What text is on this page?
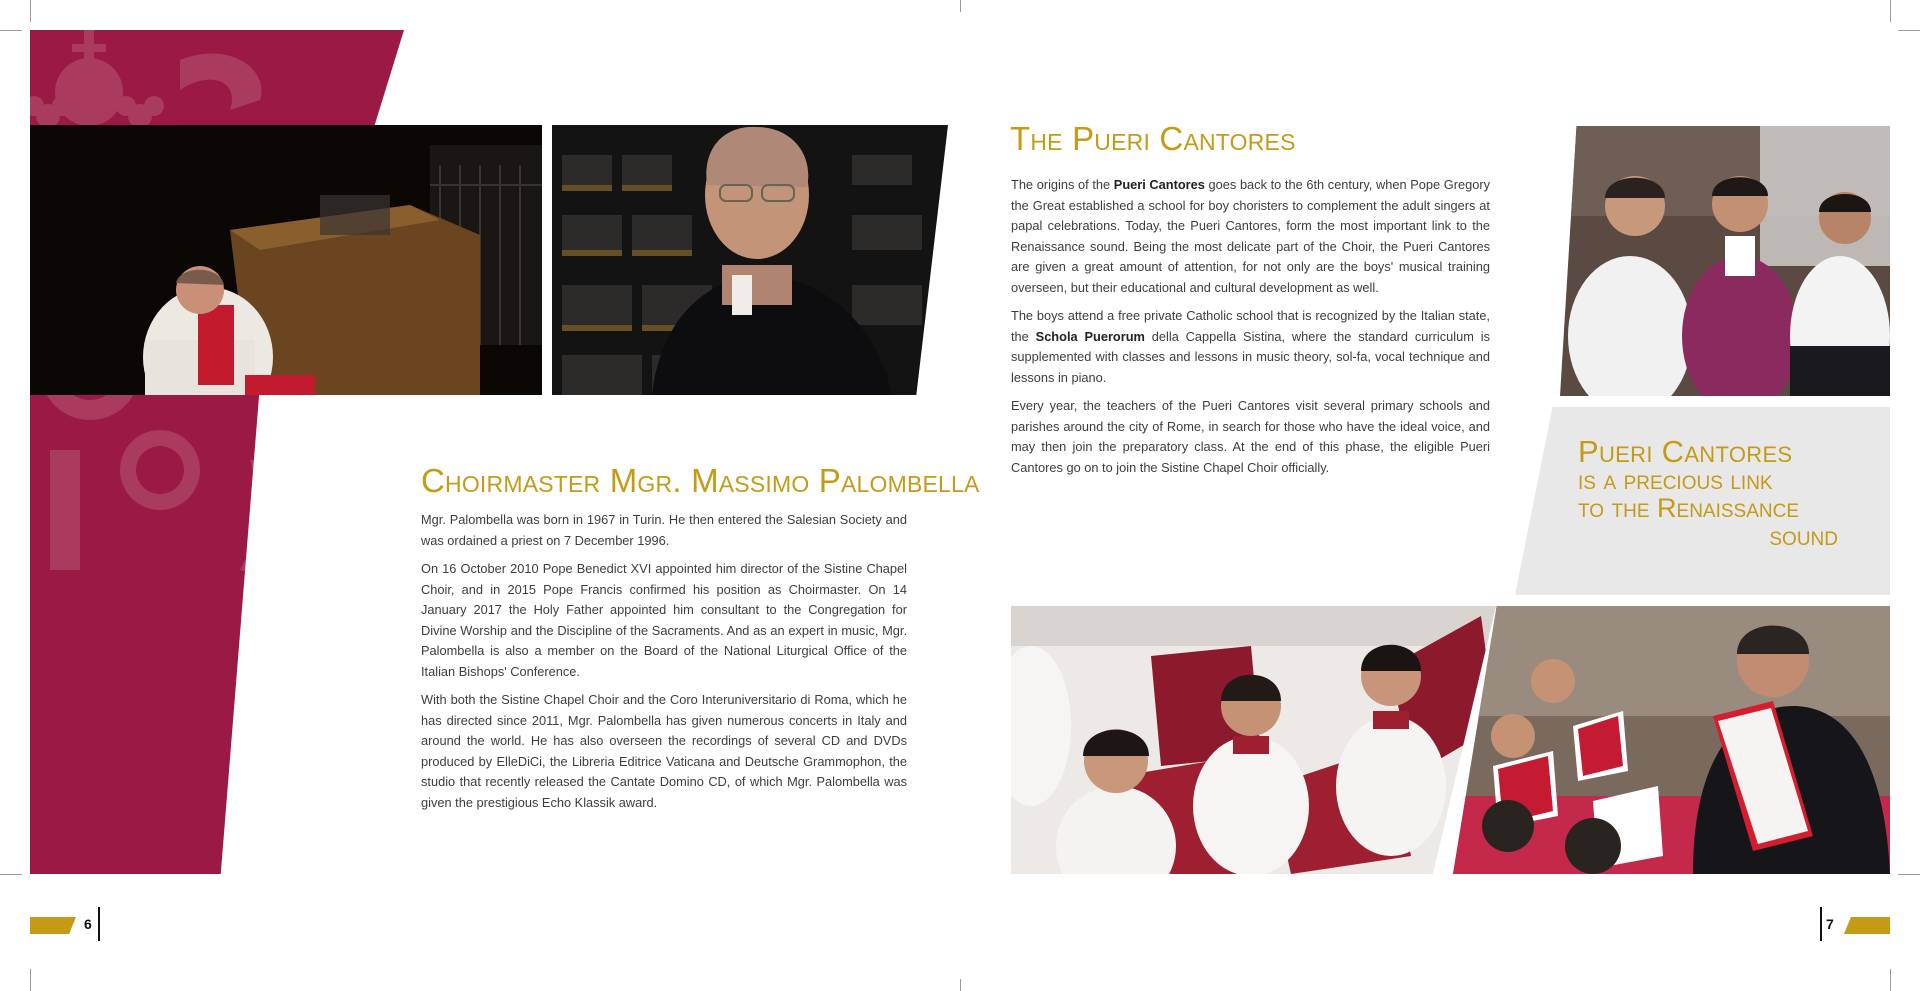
Choirmaster Mgr. Massimo Palombella

Mgr. Palombella was born in 1967 in Turin. He then entered the Salesian Society and was ordained a priest on 7 December 1996.

On 16 October 2010 Pope Benedict XVI appointed him director of the Sistine Chapel Choir, and in 2015 Pope Francis confirmed his position as Choirmaster. On 14 January 2017 the Holy Father appointed him consultant to the Congregation for Divine Worship and the Discipline of the Sacraments. And as an expert in music, Mgr. Palombella is also a member on the Board of the National Liturgical Office of the Italian Bishops' Conference.

With both the Sistine Chapel Choir and the Coro Interuniversitario di Roma, which he has directed since 2011, Mgr. Palombella has given numerous concerts in Italy and around the world. He has also overseen the recordings of several CD and DVDs produced by ElleDiCi, the Libreria Editrice Vaticana and Deutsche Grammophon, the studio that recently released the Cantate Domino CD, of which Mgr. Palombella was given the prestigious Echo Klassik award.

6
The Pueri Cantores

The origins of the Pueri Cantores goes back to the 6th century, when Pope Gregory the Great established a school for boy choristers to complement the adult singers at papal celebrations. Today, the Pueri Cantores, form the most important link to the Renaissance sound. Being the most delicate part of the Choir, the Pueri Cantores are given a great amount of attention, for not only are the boys' musical training overseen, but their educational and cultural development as well.

The boys attend a free private Catholic school that is recognized by the Italian state, the Schola Puerorum della Cappella Sistina, where the standard curriculum is supplemented with classes and lessons in music theory, sol-fa, vocal technique and lessons in piano.

Every year, the teachers of the Pueri Cantores visit several primary schools and parishes around the city of Rome, in search for those who have the ideal voice, and may then join the preparatory class. At the end of this phase, the eligible Pueri Cantores go on to join the Sistine Chapel Choir officially.	Pueri Cantores
is a precious link
to the Renaissance
sound
7
